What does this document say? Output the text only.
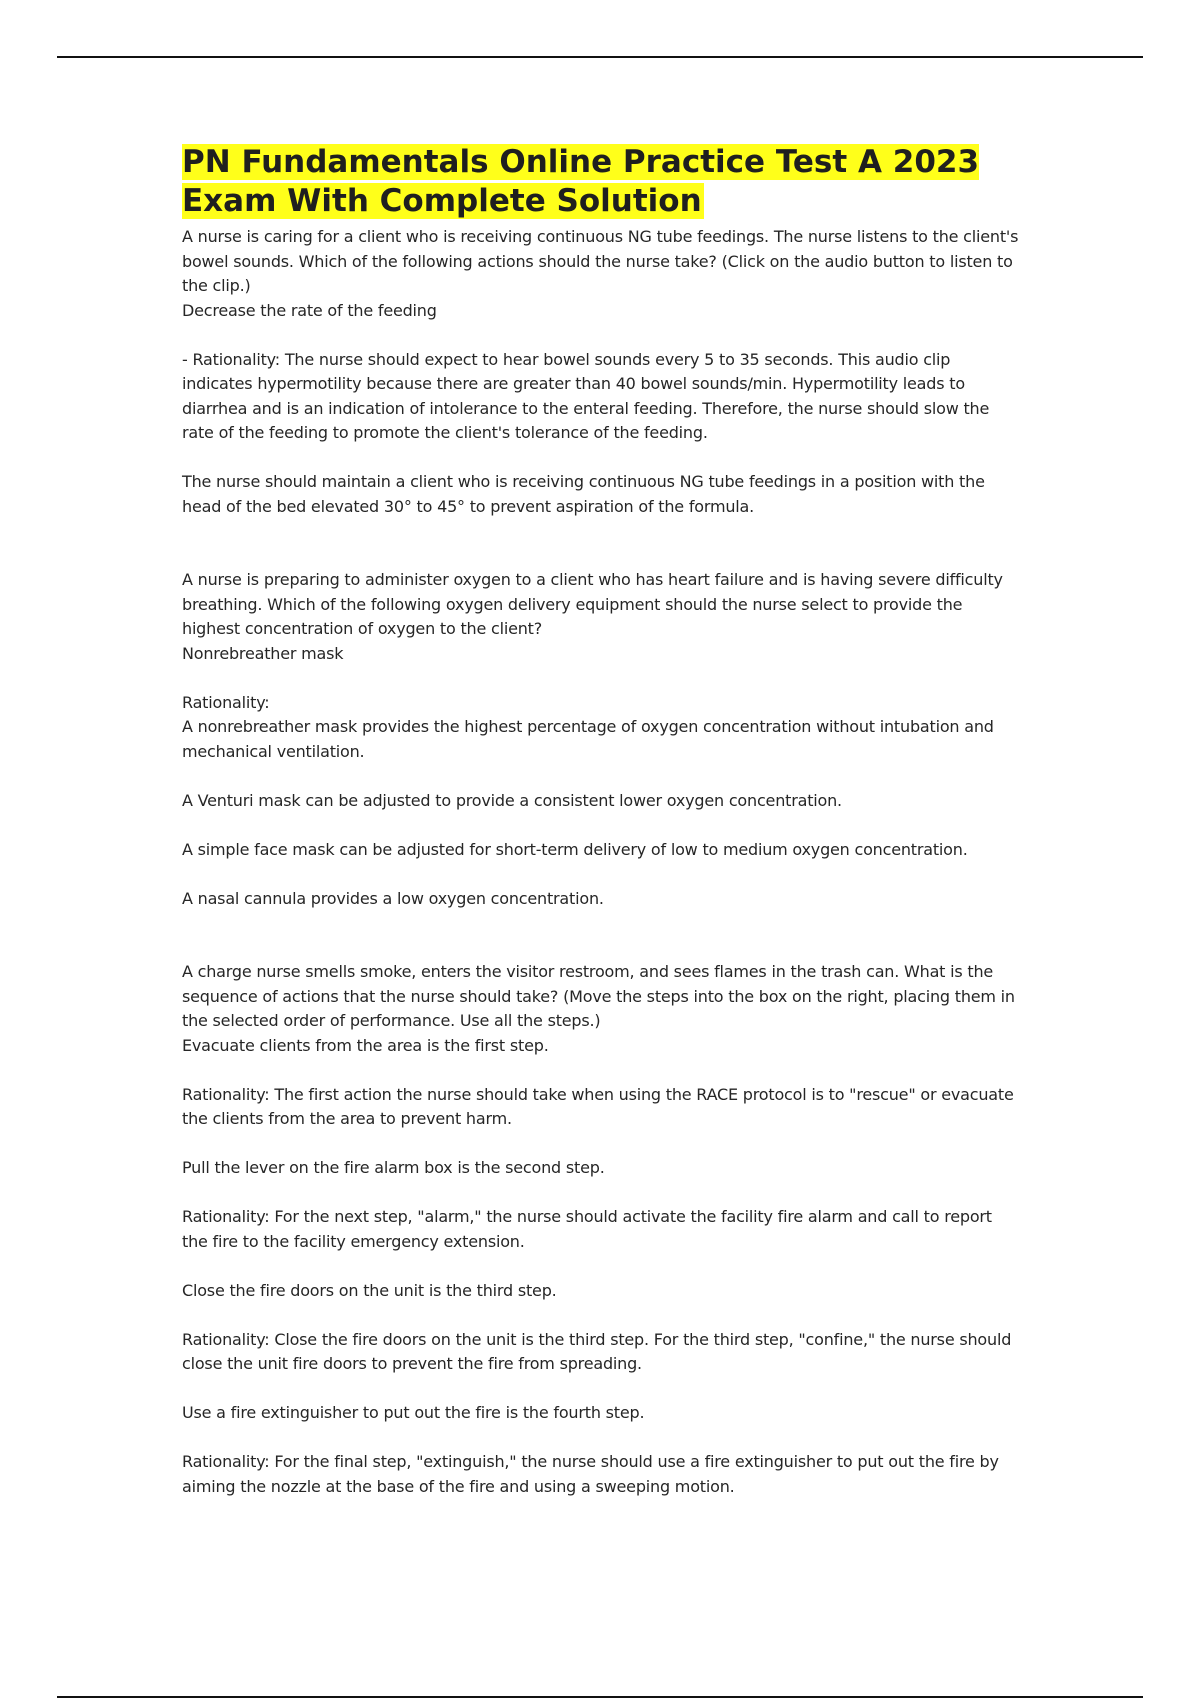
PN Fundamentals Online Practice Test A 2023 Exam With Complete Solution

A nurse is caring for a client who is receiving continuous NG tube feedings. The nurse listens to the client's bowel sounds. Which of the following actions should the nurse take? (Click on the audio button to listen to the clip.)

Decrease the rate of the feeding

- Rationality: The nurse should expect to hear bowel sounds every 5 to 35 seconds. This audio clip indicates hypermotility because there are greater than 40 bowel sounds/min. Hypermotility leads to diarrhea and is an indication of intolerance to the enteral feeding. Therefore, the nurse should slow the rate of the feeding to promote the client's tolerance of the feeding.

The nurse should maintain a client who is receiving continuous NG tube feedings in a position with the head of the bed elevated 30° to 45° to prevent aspiration of the formula.

A nurse is preparing to administer oxygen to a client who has heart failure and is having severe difficulty breathing. Which of the following oxygen delivery equipment should the nurse select to provide the highest concentration of oxygen to the client?

Nonrebreather mask

Rationality:

A nonrebreather mask provides the highest percentage of oxygen concentration without intubation and mechanical ventilation.

A Venturi mask can be adjusted to provide a consistent lower oxygen concentration.

A simple face mask can be adjusted for short-term delivery of low to medium oxygen concentration.

A nasal cannula provides a low oxygen concentration.

A charge nurse smells smoke, enters the visitor restroom, and sees flames in the trash can. What is the sequence of actions that the nurse should take? (Move the steps into the box on the right, placing them in the selected order of performance. Use all the steps.)

Evacuate clients from the area is the first step.

Rationality: The first action the nurse should take when using the RACE protocol is to "rescue" or evacuate the clients from the area to prevent harm.

Pull the lever on the fire alarm box is the second step.

Rationality: For the next step, "alarm," the nurse should activate the facility fire alarm and call to report the fire to the facility emergency extension.

Close the fire doors on the unit is the third step.

Rationality: Close the fire doors on the unit is the third step. For the third step, "confine," the nurse should close the unit fire doors to prevent the fire from spreading.

Use a fire extinguisher to put out the fire is the fourth step.

Rationality: For the final step, "extinguish," the nurse should use a fire extinguisher to put out the fire by aiming the nozzle at the base of the fire and using a sweeping motion.
